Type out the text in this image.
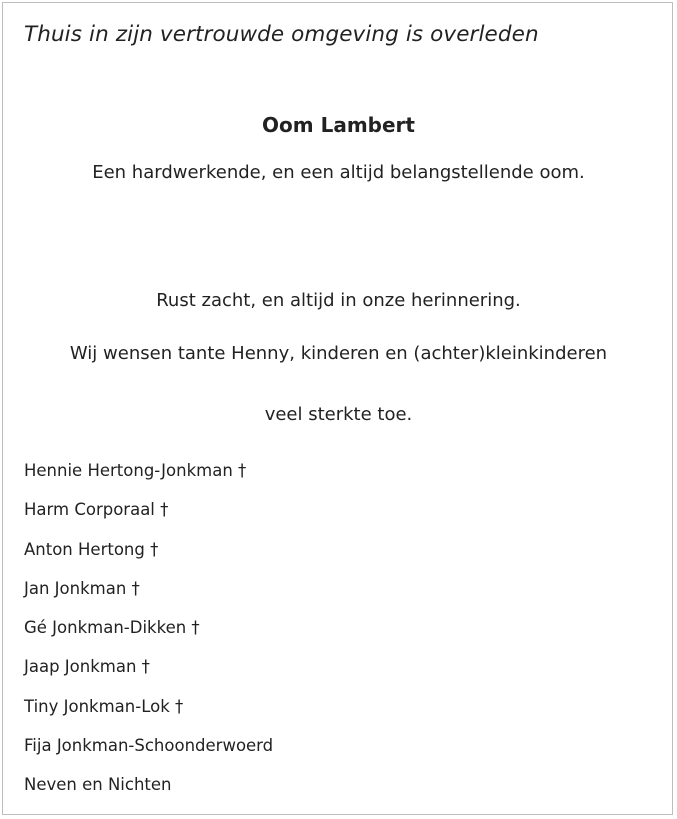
Thuis in zijn vertrouwde omgeving is overleden
Oom Lambert
Een hardwerkende, en een altijd belangstellende oom.
Rust zacht, en altijd in onze herinnering.
Wij wensen tante Henny, kinderen en (achter)kleinkinderen
veel sterkte toe.
Hennie Hertong-Jonkman †
Harm Corporaal †
Anton Hertong †
Jan Jonkman †
Gé Jonkman-Dikken †
Jaap Jonkman †
Tiny Jonkman-Lok †
Fija Jonkman-Schoonderwoerd
Neven en Nichten
